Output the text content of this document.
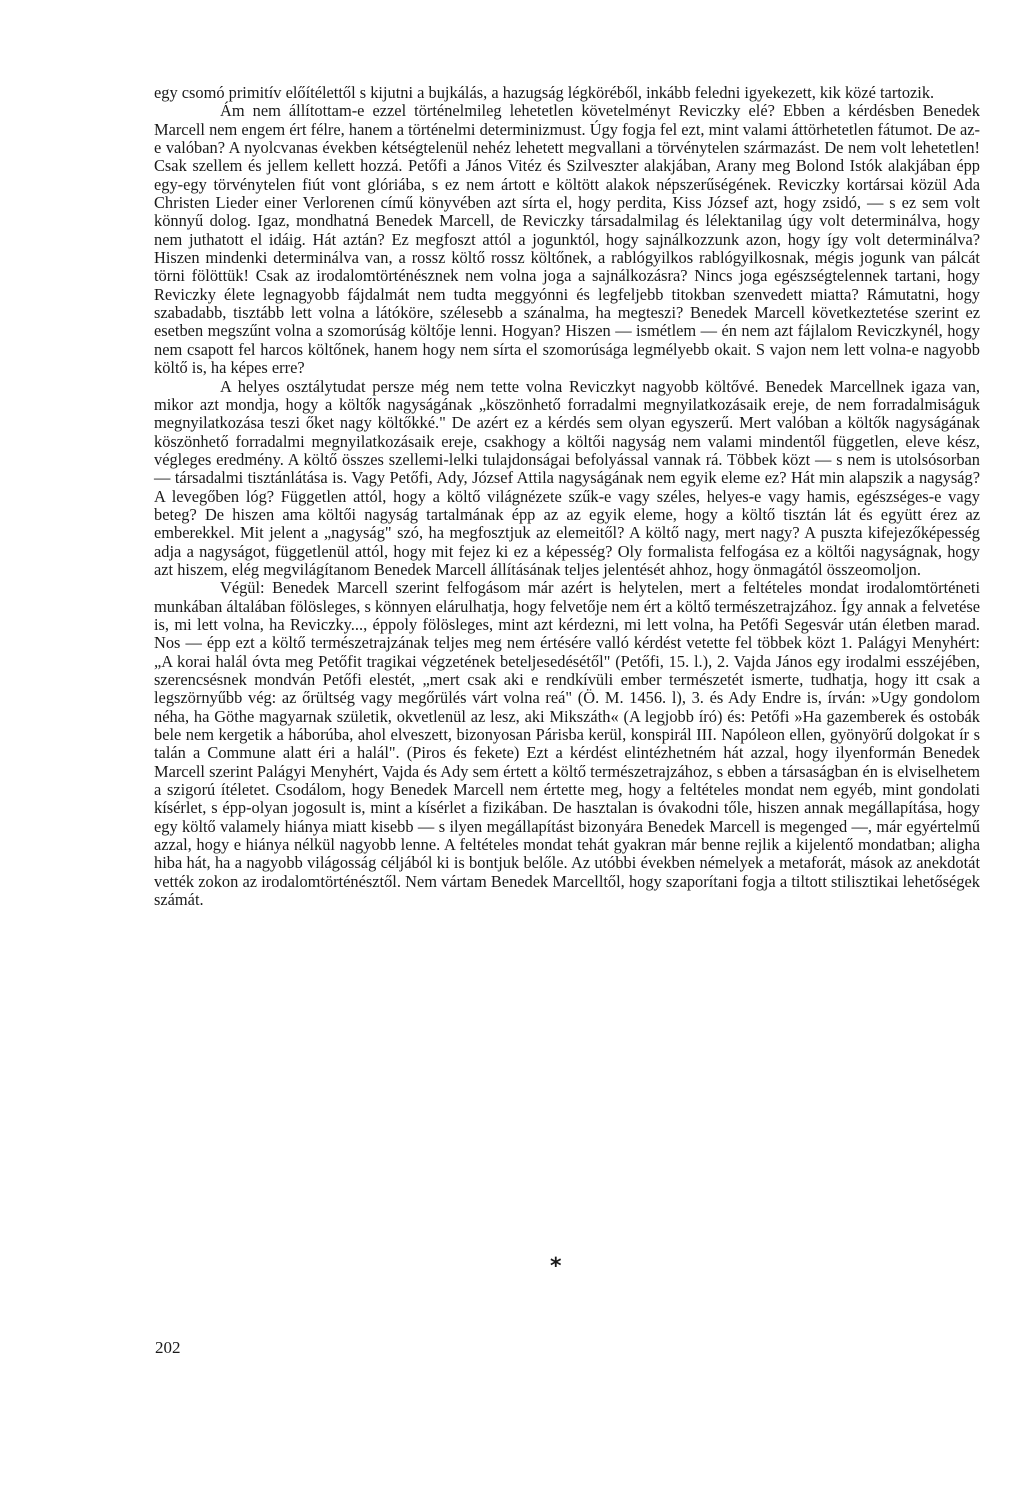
egy csomó primitív előítélettől s kijutni a bujkálás, a hazugság légköréből, inkább feledni igyekezett, kik közé tartozik.

Ám nem állítottam-e ezzel történelmileg lehetetlen követelményt Reviczky elé? Ebben a kérdésben Benedek Marcell nem engem ért félre, hanem a történelmi determinizmust. Úgy fogja fel ezt, mint valami áttörhetetlen fátumot. De az-e valóban? A nyolcvanas években kétségtelenül nehéz lehetett megvallani a törvénytelen származást. De nem volt lehetetlen! Csak szellem és jellem kellett hozzá. Petőfi a János Vitéz és Szilveszter alakjában, Arany meg Bolond Istók alakjában épp egy-egy törvénytelen fiút vont glóriába, s ez nem ártott e költött alakok népszerűségének. Reviczky kortársai közül Ada Christen Lieder einer Verlorenen című könyvében azt sírta el, hogy perdita, Kiss József azt, hogy zsidó, — s ez sem volt könnyű dolog. Igaz, mondhatná Benedek Marcell, de Reviczky társadalmilag és lélektanilag úgy volt determinálva, hogy nem juthatott el idáig. Hát aztán? Ez megfoszt attól a jogunktól, hogy sajnálkozzunk azon, hogy így volt determinálva? Hiszen mindenki determinálva van, a rossz költő rossz költőnek, a rablógyilkos rablógyilkosnak, mégis jogunk van pálcát törni fölöttük! Csak az irodalomtörténésznek nem volna joga a sajnálkozásra? Nincs joga egészségtelennek tartani, hogy Reviczky élete legnagyobb fájdalmát nem tudta meggyónni és legfeljebb titokban szenvedett miatta? Rámutatni, hogy szabadabb, tisztább lett volna a látóköre, szélesebb a szánalma, ha megteszi? Benedek Marcell következtetése szerint ez esetben megszűnt volna a szomorúság költője lenni. Hogyan? Hiszen — ismétlem — én nem azt fájlalom Reviczkynél, hogy nem csapott fel harcos költőnek, hanem hogy nem sírta el szomorúsága legmélyebb okait. S vajon nem lett volna-e nagyobb költő is, ha képes erre?

A helyes osztálytudat persze még nem tette volna Reviczkyt nagyobb költővé. Benedek Marcellnek igaza van, mikor azt mondja, hogy a költők nagyságának „köszönhető forradalmi megnyilatkozásaik ereje, de nem forradalmiságuk megnyilatkozása teszi őket nagy költőkké." De azért ez a kérdés sem olyan egyszerű. Mert valóban a költők nagyságának köszönhető forradalmi megnyilatkozásaik ereje, csakhogy a költői nagyság nem valami mindentől független, eleve kész, végleges eredmény. A költő összes szellemi-lelki tulajdonságai befolyással vannak rá. Többek közt — s nem is utolsósorban — társadalmi tisztánlátása is. Vagy Petőfi, Ady, József Attila nagyságának nem egyik eleme ez? Hát min alapszik a nagyság? A levegőben lóg? Független attól, hogy a költő világnézete szűk-e vagy széles, helyes-e vagy hamis, egészséges-e vagy beteg? De hiszen ama költői nagyság tartalmának épp az az egyik eleme, hogy a költő tisztán lát és együtt érez az emberekkel. Mit jelent a „nagyság" szó, ha megfosztjuk az elemeitől? A költő nagy, mert nagy? A puszta kifejezőképesség adja a nagyságot, függetlenül attól, hogy mit fejez ki ez a képesség? Oly formalista felfogása ez a költői nagyságnak, hogy azt hiszem, elég megvilágítanom Benedek Marcell állításának teljes jelentését ahhoz, hogy önmagától összeomoljon.

Végül: Benedek Marcell szerint felfogásom már azért is helytelen, mert a feltételes mondat irodalomtörténeti munkában általában fölösleges, s könnyen elárulhatja, hogy felvetője nem ért a költő természetrajzához. Így annak a felvetése is, mi lett volna, ha Reviczky..., éppoly fölösleges, mint azt kérdezni, mi lett volna, ha Petőfi Segesvár után életben marad. Nos — épp ezt a költő természetrajzának teljes meg nem értésére valló kérdést vetette fel többek közt 1. Palágyi Menyhért: „A korai halál óvta meg Petőfit tragikai végzetének beteljesedésétől" (Petőfi, 15. l.), 2. Vajda János egy irodalmi esszéjében, szerencsésnek mondván Petőfi elestét, „mert csak aki e rendkívüli ember természetét ismerte, tudhatja, hogy itt csak a legszörnyűbb vég: az őrültség vagy megőrülés várt volna reá" (Ö. M. 1456. l), 3. és Ady Endre is, írván: »Ugy gondolom néha, ha Göthe magyarnak születik, okvetlenül az lesz, aki Mikszáth« (A legjobb író) és: Petőfi »Ha gazemberek és ostobák bele nem kergetik a háborúba, ahol elveszett, bizonyosan Párisba kerül, konspirál III. Napóleon ellen, gyönyörű dolgokat ír s talán a Commune alatt éri a halál". (Piros és fekete) Ezt a kérdést elintézhetném hát azzal, hogy ilyenformán Benedek Marcell szerint Palágyi Menyhért, Vajda és Ady sem értett a költő természetrajzához, s ebben a társaságban én is elviselhetem a szigorú ítéletet. Csodálom, hogy Benedek Marcell nem értette meg, hogy a feltételes mondat nem egyéb, mint gondolati kísérlet, s épp-olyan jogosult is, mint a kísérlet a fizikában. De hasztalan is óvakodni tőle, hiszen annak megállapítása, hogy egy költő valamely hiánya miatt kisebb — s ilyen megállapítást bizonyára Benedek Marcell is megenged —, már egyértelmű azzal, hogy e hiánya nélkül nagyobb lenne. A feltételes mondat tehát gyakran már benne rejlik a kijelentő mondatban; aligha hiba hát, ha a nagyobb világosság céljából ki is bontjuk belőle. Az utóbbi években némelyek a metaforát, mások az anekdotát vették zokon az irodalomtörténésztől. Nem vártam Benedek Marcelltől, hogy szaporítani fogja a tiltott stilisztikai lehetőségek számát.

*
202
